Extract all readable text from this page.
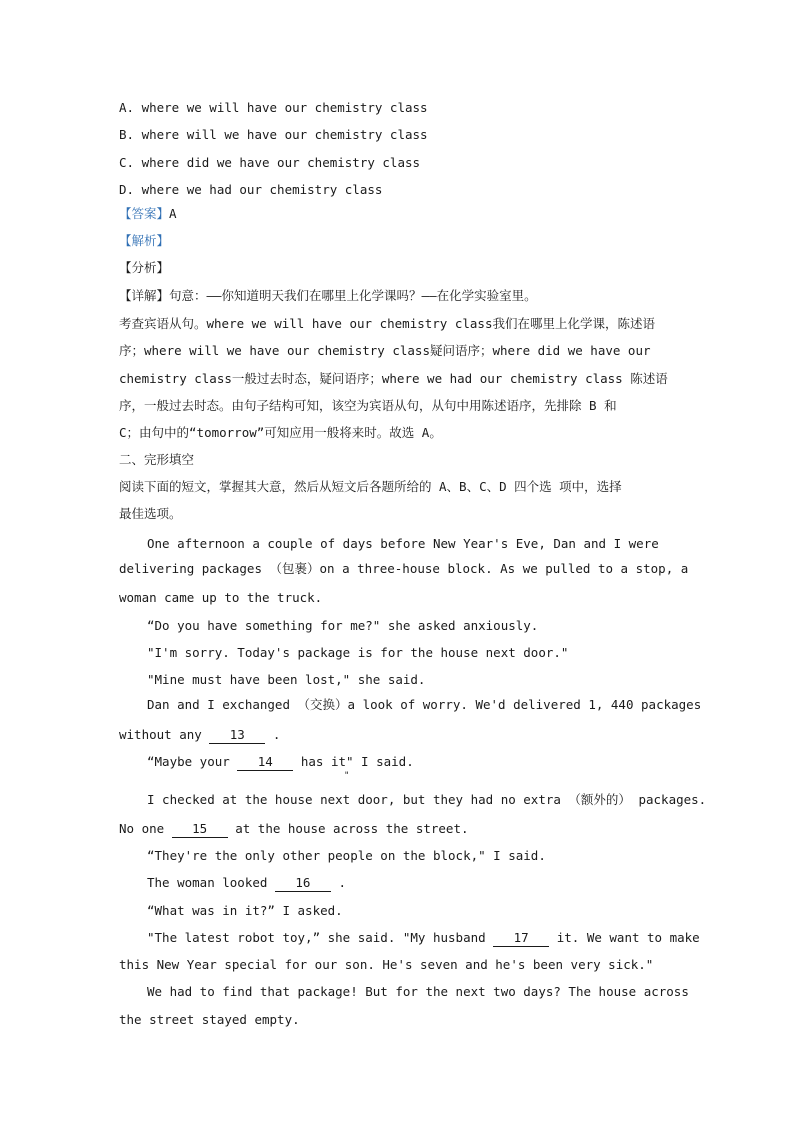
A. where we will have our chemistry class
B. where will we have our chemistry class
C. where did we have our chemistry class
D. where we had our chemistry class
【答案】A
【解析】
【分析】
【详解】句意：——你知道明天我们在哪里上化学课吗？——在化学实验室里。
考查宾语从句。where we will have our chemistry class我们在哪里上化学课，陈述语
序；where will we have our chemistry class疑问语序；where did we have our
chemistry class一般过去时态，疑问语序；where we had our chemistry class 陈述语
序，一般过去时态。由句子结构可知，该空为宾语从句，从句中用陈述语序，先排除 B 和
C；由句中的“tomorrow”可知应用一般将来时。故选 A。
二、完形填空
阅读下面的短文，掌握其大意，然后从短文后各题所给的 A、B、C、D 四个选 项中，选择
最佳选项。
One afternoon a couple of days before New Year's Eve, Dan and I were
delivering packages （包裹）on a three-house block. As we pulled to a stop, a
woman came up to the truck.
“Do you have something for me?" she asked anxiously.
"I'm sorry. Today's package is for the house next door."
"Mine must have been lost," she said.
Dan and I exchanged （交换）a look of worry. We'd delivered 1, 440 packages
without any 13 .
“Maybe your 14 has it" I said.
"
I checked at the house next door, but they had no extra （额外的） packages.
No one 15 at the house across the street.
“They're the only other people on the block," I said.
The woman looked 16 .
“What was in it?” I asked.
"The latest robot toy,” she said. "My husband 17 it. We want to make
this New Year special for our son. He's seven and he's been very sick."
We had to find that package! But for the next two days? The house across
the street stayed empty.
